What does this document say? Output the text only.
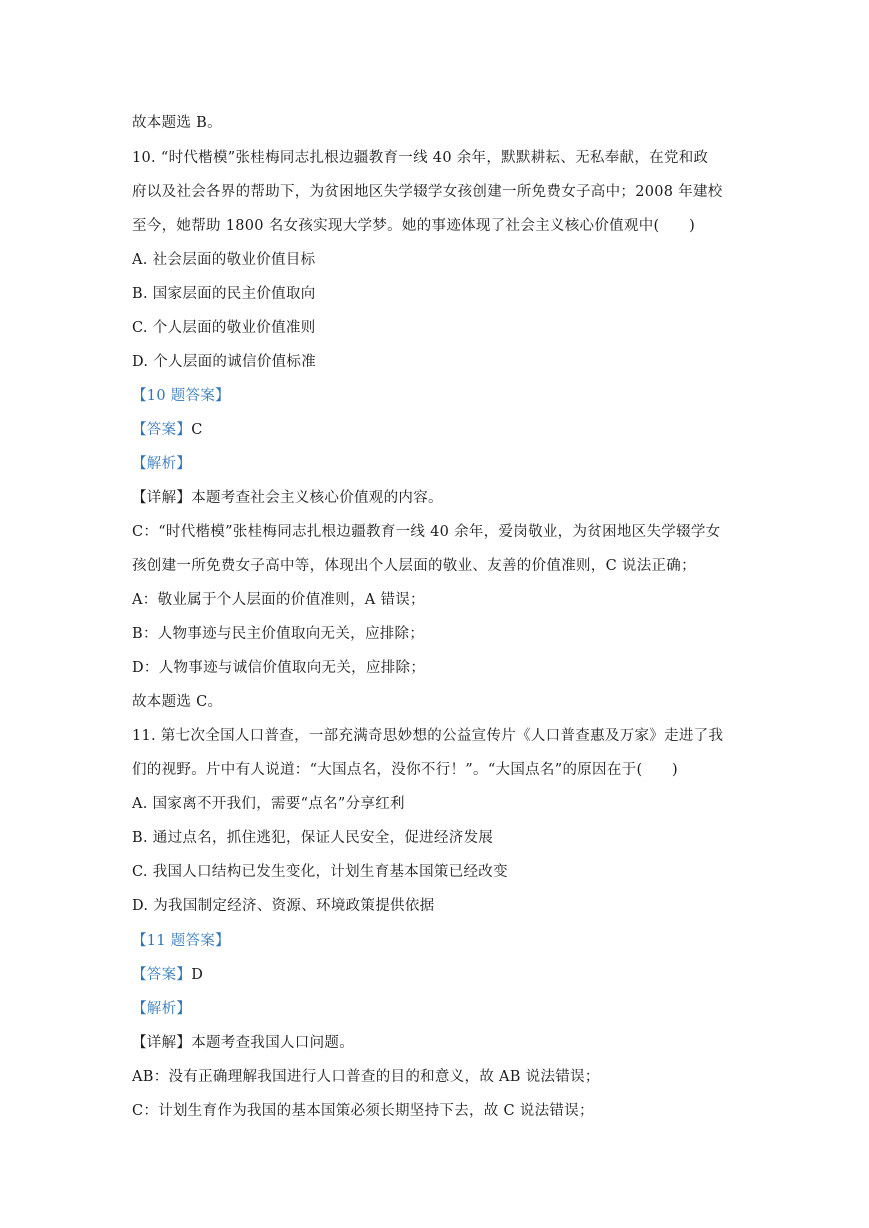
故本题选 B。
10. “时代楷模”张桂梅同志扎根边疆教育一线 40 余年，默默耕耘、无私奉献，在党和政
府以及社会各界的帮助下，为贫困地区失学辍学女孩创建一所免费女子高中；2008 年建校
至今，她帮助 1800 名女孩实现大学梦。她的事迹体现了社会主义核心价值观中(　　)
A. 社会层面的敬业价值目标
B. 国家层面的民主价值取向
C. 个人层面的敬业价值准则
D. 个人层面的诚信价值标准
【10 题答案】
【答案】C
【解析】
【详解】本题考查社会主义核心价值观的内容。
C：“时代楷模”张桂梅同志扎根边疆教育一线 40 余年，爱岗敬业，为贫困地区失学辍学女
孩创建一所免费女子高中等，体现出个人层面的敬业、友善的价值准则，C 说法正确；
A：敬业属于个人层面的价值准则，A 错误；
B：人物事迹与民主价值取向无关，应排除；
D：人物事迹与诚信价值取向无关，应排除；
故本题选 C。
11. 第七次全国人口普查，一部充满奇思妙想的公益宣传片《人口普查惠及万家》走进了我
们的视野。片中有人说道：“大国点名，没你不行！”。“大国点名”的原因在于(　　)
A. 国家离不开我们，需要“点名”分享红利
B. 通过点名，抓住逃犯，保证人民安全，促进经济发展
C. 我国人口结构已发生变化，计划生育基本国策已经改变
D. 为我国制定经济、资源、环境政策提供依据
【11 题答案】
【答案】D
【解析】
【详解】本题考查我国人口问题。
AB：没有正确理解我国进行人口普查的目的和意义，故 AB 说法错误；
C：计划生育作为我国的基本国策必须长期坚持下去，故 C 说法错误；
